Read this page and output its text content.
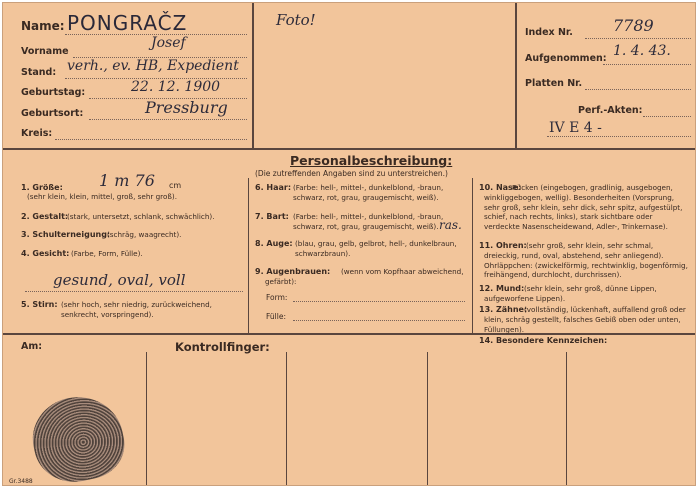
Name: PONGRAČZ
Vorname
Josef
Stand: verh., ev. HB, Expedient
Geburtstag:	22. 12. 1900
Geburtsort:	Pressburg
Kreis:
Foto!
Index Nr.	7789
Aufgenommen: 1. 4. 43.
Platten Nr.
Perf.-Akten:
IV E 4 -
Personalbeschreibung:
(Die zutreffenden Angaben sind zu unterstreichen.)
1. Größe: 1 m 76 cm
(sehr klein, klein, mittel, groß, sehr groß).
2. Gestalt:
(stark, untersetzt, schlank, schwächlich).
3. Schulterneigung:
(schräg, waagrecht).
4. Gesicht: (Farbe, Form, Fülle).
gesund, oval, voll
5. Stirn: (sehr hoch, sehr niedrig, zurückweichend, senkrecht, vorspringend).
6. Haar: (Farbe: hell-, mittel-, dunkelblond, -braun, schwarz, rot, grau, graugemischt, weiß).
7. Bart: (Farbe: hell-, mittel-, dunkelblond, -braun, schwarz, rot, grau, graugemischt, weiß). ras.
8. Auge: (blau, grau, gelb, gelbrot, hell-, dunkelbraun, schwarzbraun).
9. Augenbrauen:	(wenn vom Kopfhaar abweichend, gefärbt):
Form:
Fülle:
10. Nase:
Rücken (eingebogen, gradlinig, ausgebogen, winkliggebogen, wellig). Besonderheiten (Vorsprung, sehr groß, sehr klein, sehr dick, sehr spitz, aufgestülpt, schief, nach rechts, links), stark sichtbare oder verdeckte Nasenscheidewand, Adler-, Trinkernase).
11. Ohren: (sehr groß, sehr klein, sehr schmal, dreieckig, rund, oval, abstehend, sehr anliegend). Ohrläppchen: (zwickelförmig, rechtwinklig, bogenförmig, freihängend, durchlocht, durchrissen).
12. Mund: (sehr klein, sehr groß, dünne Lippen, aufgeworfene Lippen).
13. Zähne:
(vollständig, lückenhaft, auffallend groß oder klein, schräg gestellt, falsches Gebiß oben oder unten, Füllungen).
14. Besondere Kennzeichen:
Am:	Kontrollfinger:
Gr.3488
